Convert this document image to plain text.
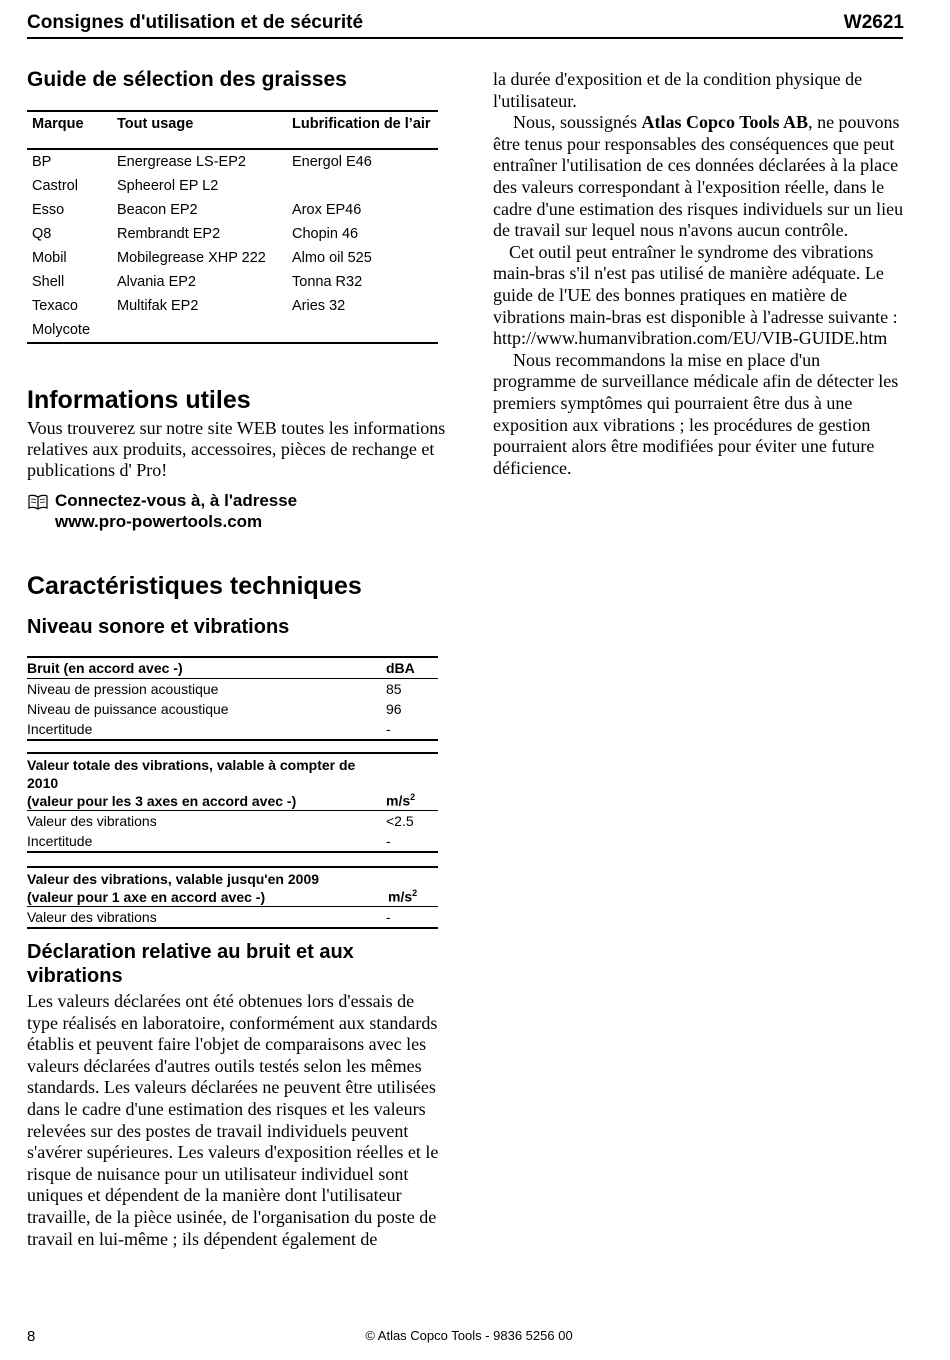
Consignes d'utilisation et de sécurité	W2621
Guide de sélection des graisses
Marque	Tout usage	Lubrification de l’air
BP	Energrease LS-EP2	Energol E46
Castrol	Spheerol EP L2
Esso	Beacon EP2	Arox EP46
Q8	Rembrandt EP2	Chopin 46
Mobil	Mobilegrease XHP 222	Almo oil 525
Shell	Alvania EP2	Tonna R32
Texaco	Multifak EP2	Aries 32
Molycote
Informations utiles
Vous trouverez sur notre site WEB toutes les informations relatives aux produits, accessoires, pièces de rechange et publications d' Pro!
Connectez-vous à, à l'adresse
www.pro-powertools.com
Caractéristiques techniques
Niveau sonore et vibrations
Bruit (en accord avec -)	dBA
Niveau de pression acoustique	85
Niveau de puissance acoustique	96
Incertitude	-
Valeur totale des vibrations, valable à compter de 2010
(valeur pour les 3 axes en accord avec -)	$m/s^2$
Valeur des vibrations	<2.5
Incertitude	-
Valeur des vibrations, valable jusqu'en 2009
(valeur pour 1 axe en accord avec -)	$m/s^2$
Valeur des vibrations	-
Déclaration relative au bruit et aux vibrations
Les valeurs déclarées ont été obtenues lors d'essais de type réalisés en laboratoire, conformément aux standards établis et peuvent faire l'objet de comparaisons avec les valeurs déclarées d'autres outils testés selon les mêmes standards. Les valeurs déclarées ne peuvent être utilisées dans le cadre d'une estimation des risques et les valeurs relevées sur des postes de travail individuels peuvent s'avérer supérieures. Les valeurs d'exposition réelles et le risque de nuisance pour un utilisateur individuel sont uniques et dépendent de la manière dont l'utilisateur travaille, de la pièce usinée, de l'organisation du poste de travail en lui-même ; ils dépendent également de

la durée d'exposition et de la condition physique de l'utilisateur.

Nous, soussignés Atlas Copco Tools AB, ne pouvons être tenus pour responsables des conséquences que peut entraîner l'utilisation de ces données déclarées à la place des valeurs correspondant à l'exposition réelle, dans le cadre d'une estimation des risques individuels sur un lieu de travail sur lequel nous n'avons aucun contrôle.

Cet outil peut entraîner le syndrome des vibrations main-bras s'il n'est pas utilisé de manière adéquate. Le guide de l'UE des bonnes pratiques en matière de vibrations main-bras est disponible à l'adresse suivante : http://www.humanvibration.com/EU/VIB-GUIDE.htm

Nous recommandons la mise en place d'un programme de surveillance médicale afin de détecter les premiers symptômes qui pourraient être dus à une exposition aux vibrations ; les procédures de gestion pourraient alors être modifiées pour éviter une future déficience.

8	© Atlas Copco Tools - 9836 5256 00
